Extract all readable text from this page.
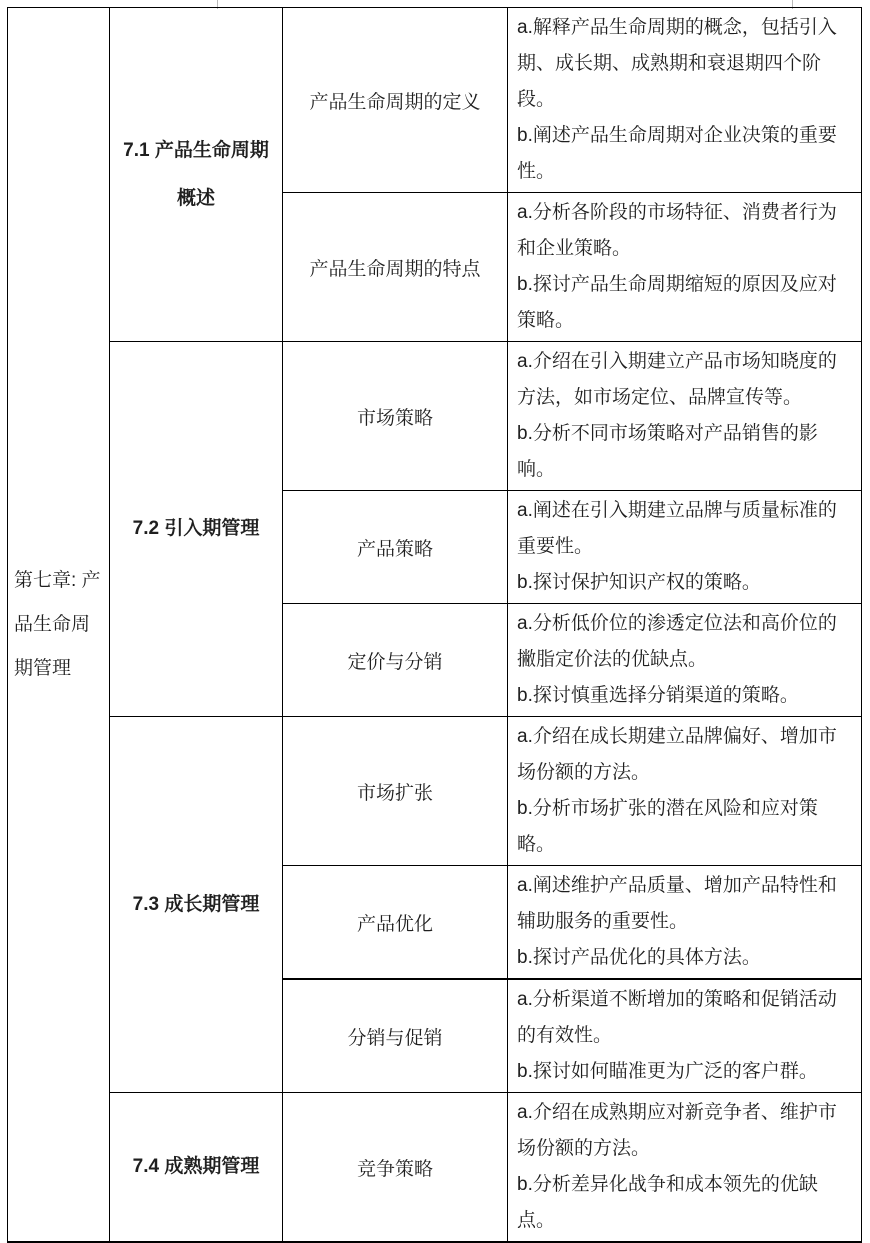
第七章: 产品生命周期管理	7.1 产品生命周期概述	产品生命周期的定义	a.解释产品生命周期的概念，包括引入期、成长期、成熟期和衰退期四个阶段。
b.阐述产品生命周期对企业决策的重要性。

		产品生命周期的特点	a.分析各阶段的市场特征、消费者行为和企业策略。
b.探讨产品生命周期缩短的原因及应对策略。

	7.2 引入期管理	市场策略	a.介绍在引入期建立产品市场知晓度的方法，如市场定位、品牌宣传等。
b.分析不同市场策略对产品销售的影响。

		产品策略	a.阐述在引入期建立品牌与质量标准的重要性。
b.探讨保护知识产权的策略。

		定价与分销	a.分析低价位的渗透定位法和高价位的撇脂定价法的优缺点。
b.探讨慎重选择分销渠道的策略。

	7.3 成长期管理	市场扩张	a.介绍在成长期建立品牌偏好、增加市场份额的方法。
b.分析市场扩张的潜在风险和应对策略。

		产品优化	a.阐述维护产品质量、增加产品特性和辅助服务的重要性。
b.探讨产品优化的具体方法。

		分销与促销	a.分析渠道不断增加的策略和促销活动的有效性。
b.探讨如何瞄准更为广泛的客户群。

	7.4 成熟期管理	竞争策略	a.介绍在成熟期应对新竞争者、维护市场份额的方法。
b.分析差异化战争和成本领先的优缺点。
